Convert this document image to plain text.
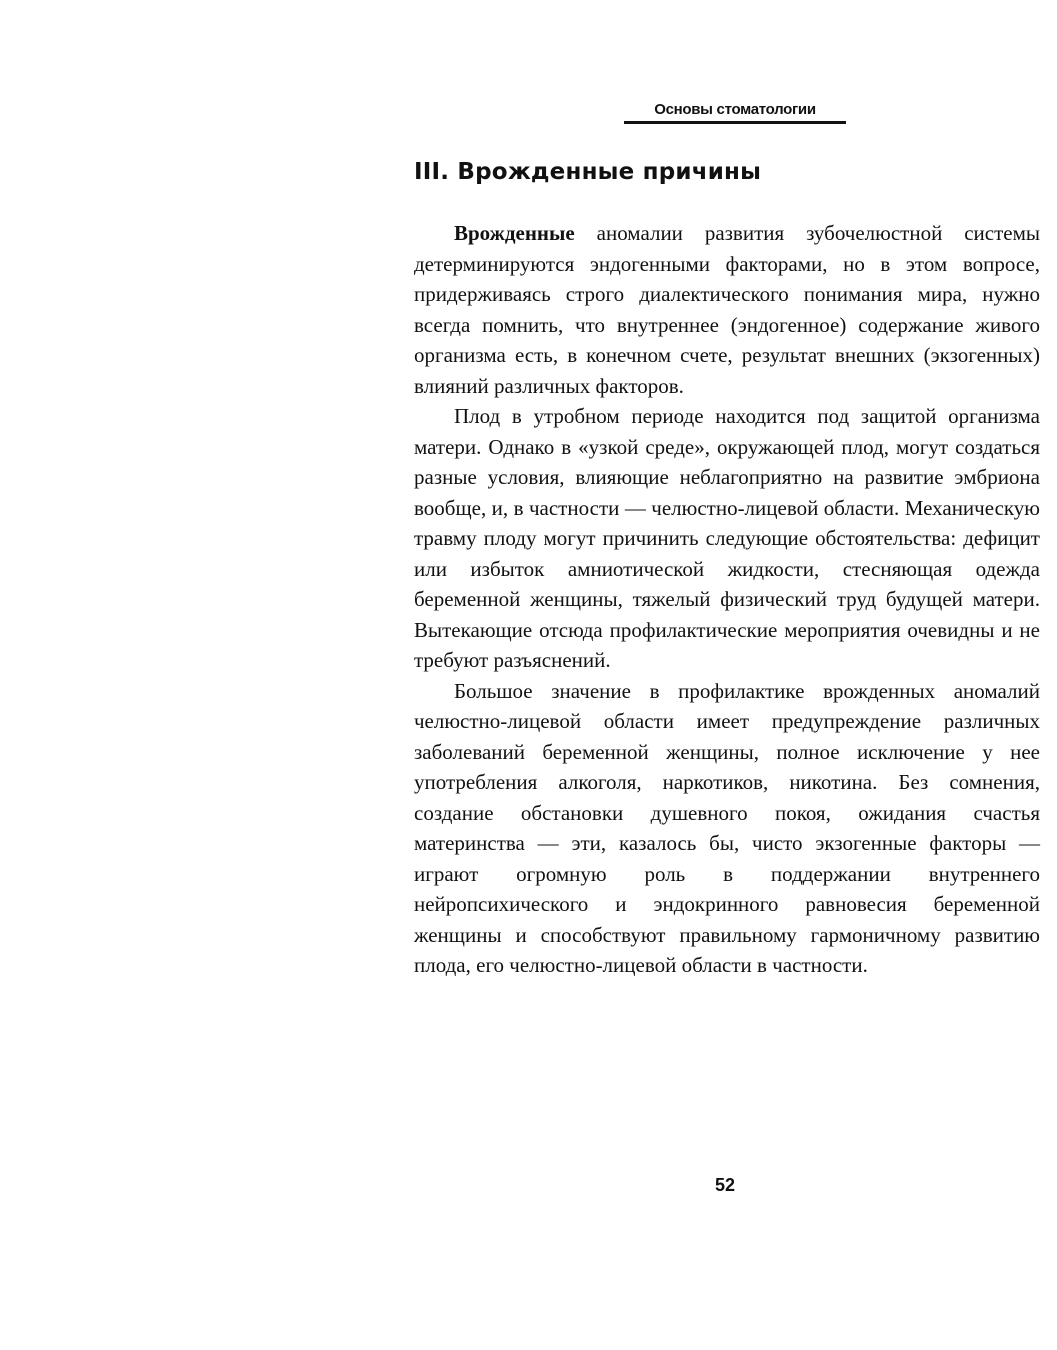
Основы стоматологии
III. Врожденные причины

Врожденные аномалии развития зубочелюстной системы детерминируются эндогенными факторами, но в этом вопросе, придерживаясь строго диалектического понимания мира, нужно всегда помнить, что внутреннее (эндогенное) содержание живого организма есть, в конечном счете, результат внешних (экзогенных) влияний различных факторов.

Плод в утробном периоде находится под защитой организма матери. Однако в «узкой среде», окружающей плод, могут создаться разные условия, влияющие неблагоприятно на развитие эмбриона вообще, и, в частности — челюстно-лицевой области. Механическую травму плоду могут причинить следующие обстоятельства: дефицит или избыток амниотической жидкости, стесняющая одежда беременной женщины, тяжелый физический труд будущей матери. Вытекающие отсюда профилактические мероприятия очевидны и не требуют разъяснений.

Большое значение в профилактике врожденных аномалий челюстно-лицевой области имеет предупреждение различных заболеваний беременной женщины, полное исключение у нее употребления алкоголя, наркотиков, никотина. Без сомнения, создание обстановки душевного покоя, ожидания счастья материнства — эти, казалось бы, чисто экзогенные факторы — играют огромную роль в поддержании внутреннего нейропсихического и эндокринного равновесия беременной женщины и способствуют правильному гармоничному развитию плода, его челюстно-лицевой области в частности.

52
